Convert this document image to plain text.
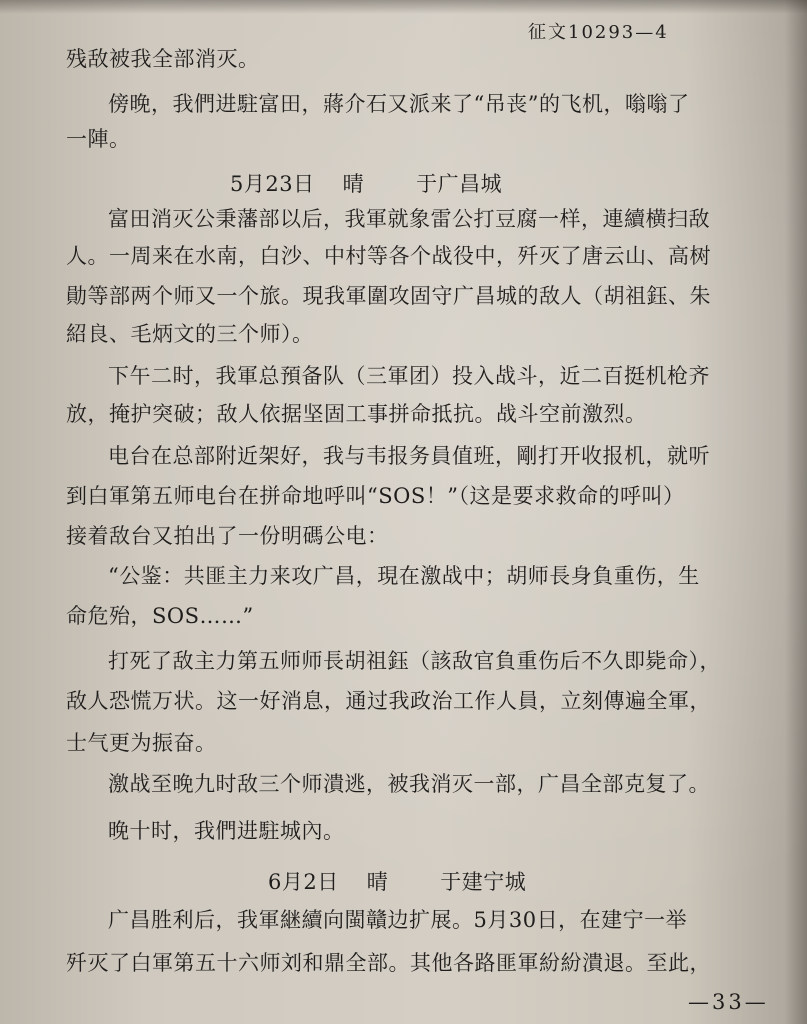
征文10293—4
残敌被我全部消灭。
傍晚，我們进駐富田，蔣介石又派来了“吊丧”的飞机，嗡嗡了
一陣。
5月23日 晴 于广昌城
富田消灭公秉藩部以后，我軍就象雷公打豆腐一样，連續横扫敌
人。一周来在水南，白沙、中村等各个战役中，歼灭了唐云山、高树
勛等部两个师又一个旅。現我軍圍攻固守广昌城的敌人（胡祖鈺、朱
紹良、毛炳文的三个师）。
下午二时，我軍总預备队（三軍团）投入战斗，近二百挺机枪齐
放，掩护突破；敌人依据坚固工事拼命抵抗。战斗空前激烈。
电台在总部附近架好，我与韦报务員值班，剛打开收报机，就听
到白軍第五师电台在拼命地呼叫“SOS！”（这是要求救命的呼叫）
接着敌台又拍出了一份明碼公电：
“公鉴：共匪主力来攻广昌，現在激战中；胡师長身負重伤，生
命危殆，SOS……”
打死了敌主力第五师师長胡祖鈺（該敌官負重伤后不久即毙命），
敌人恐慌万状。这一好消息，通过我政治工作人員，立刻傳遍全軍，
士气更为振奋。
激战至晚九时敌三个师潰逃，被我消灭一部，广昌全部克复了。
晚十时，我們进駐城內。
6月2日 晴 于建宁城
广昌胜利后，我軍継續向閩贛边扩展。5月30日，在建宁一举
歼灭了白軍第五十六师刘和鼎全部。其他各路匪軍紛紛潰退。至此，
—33—
